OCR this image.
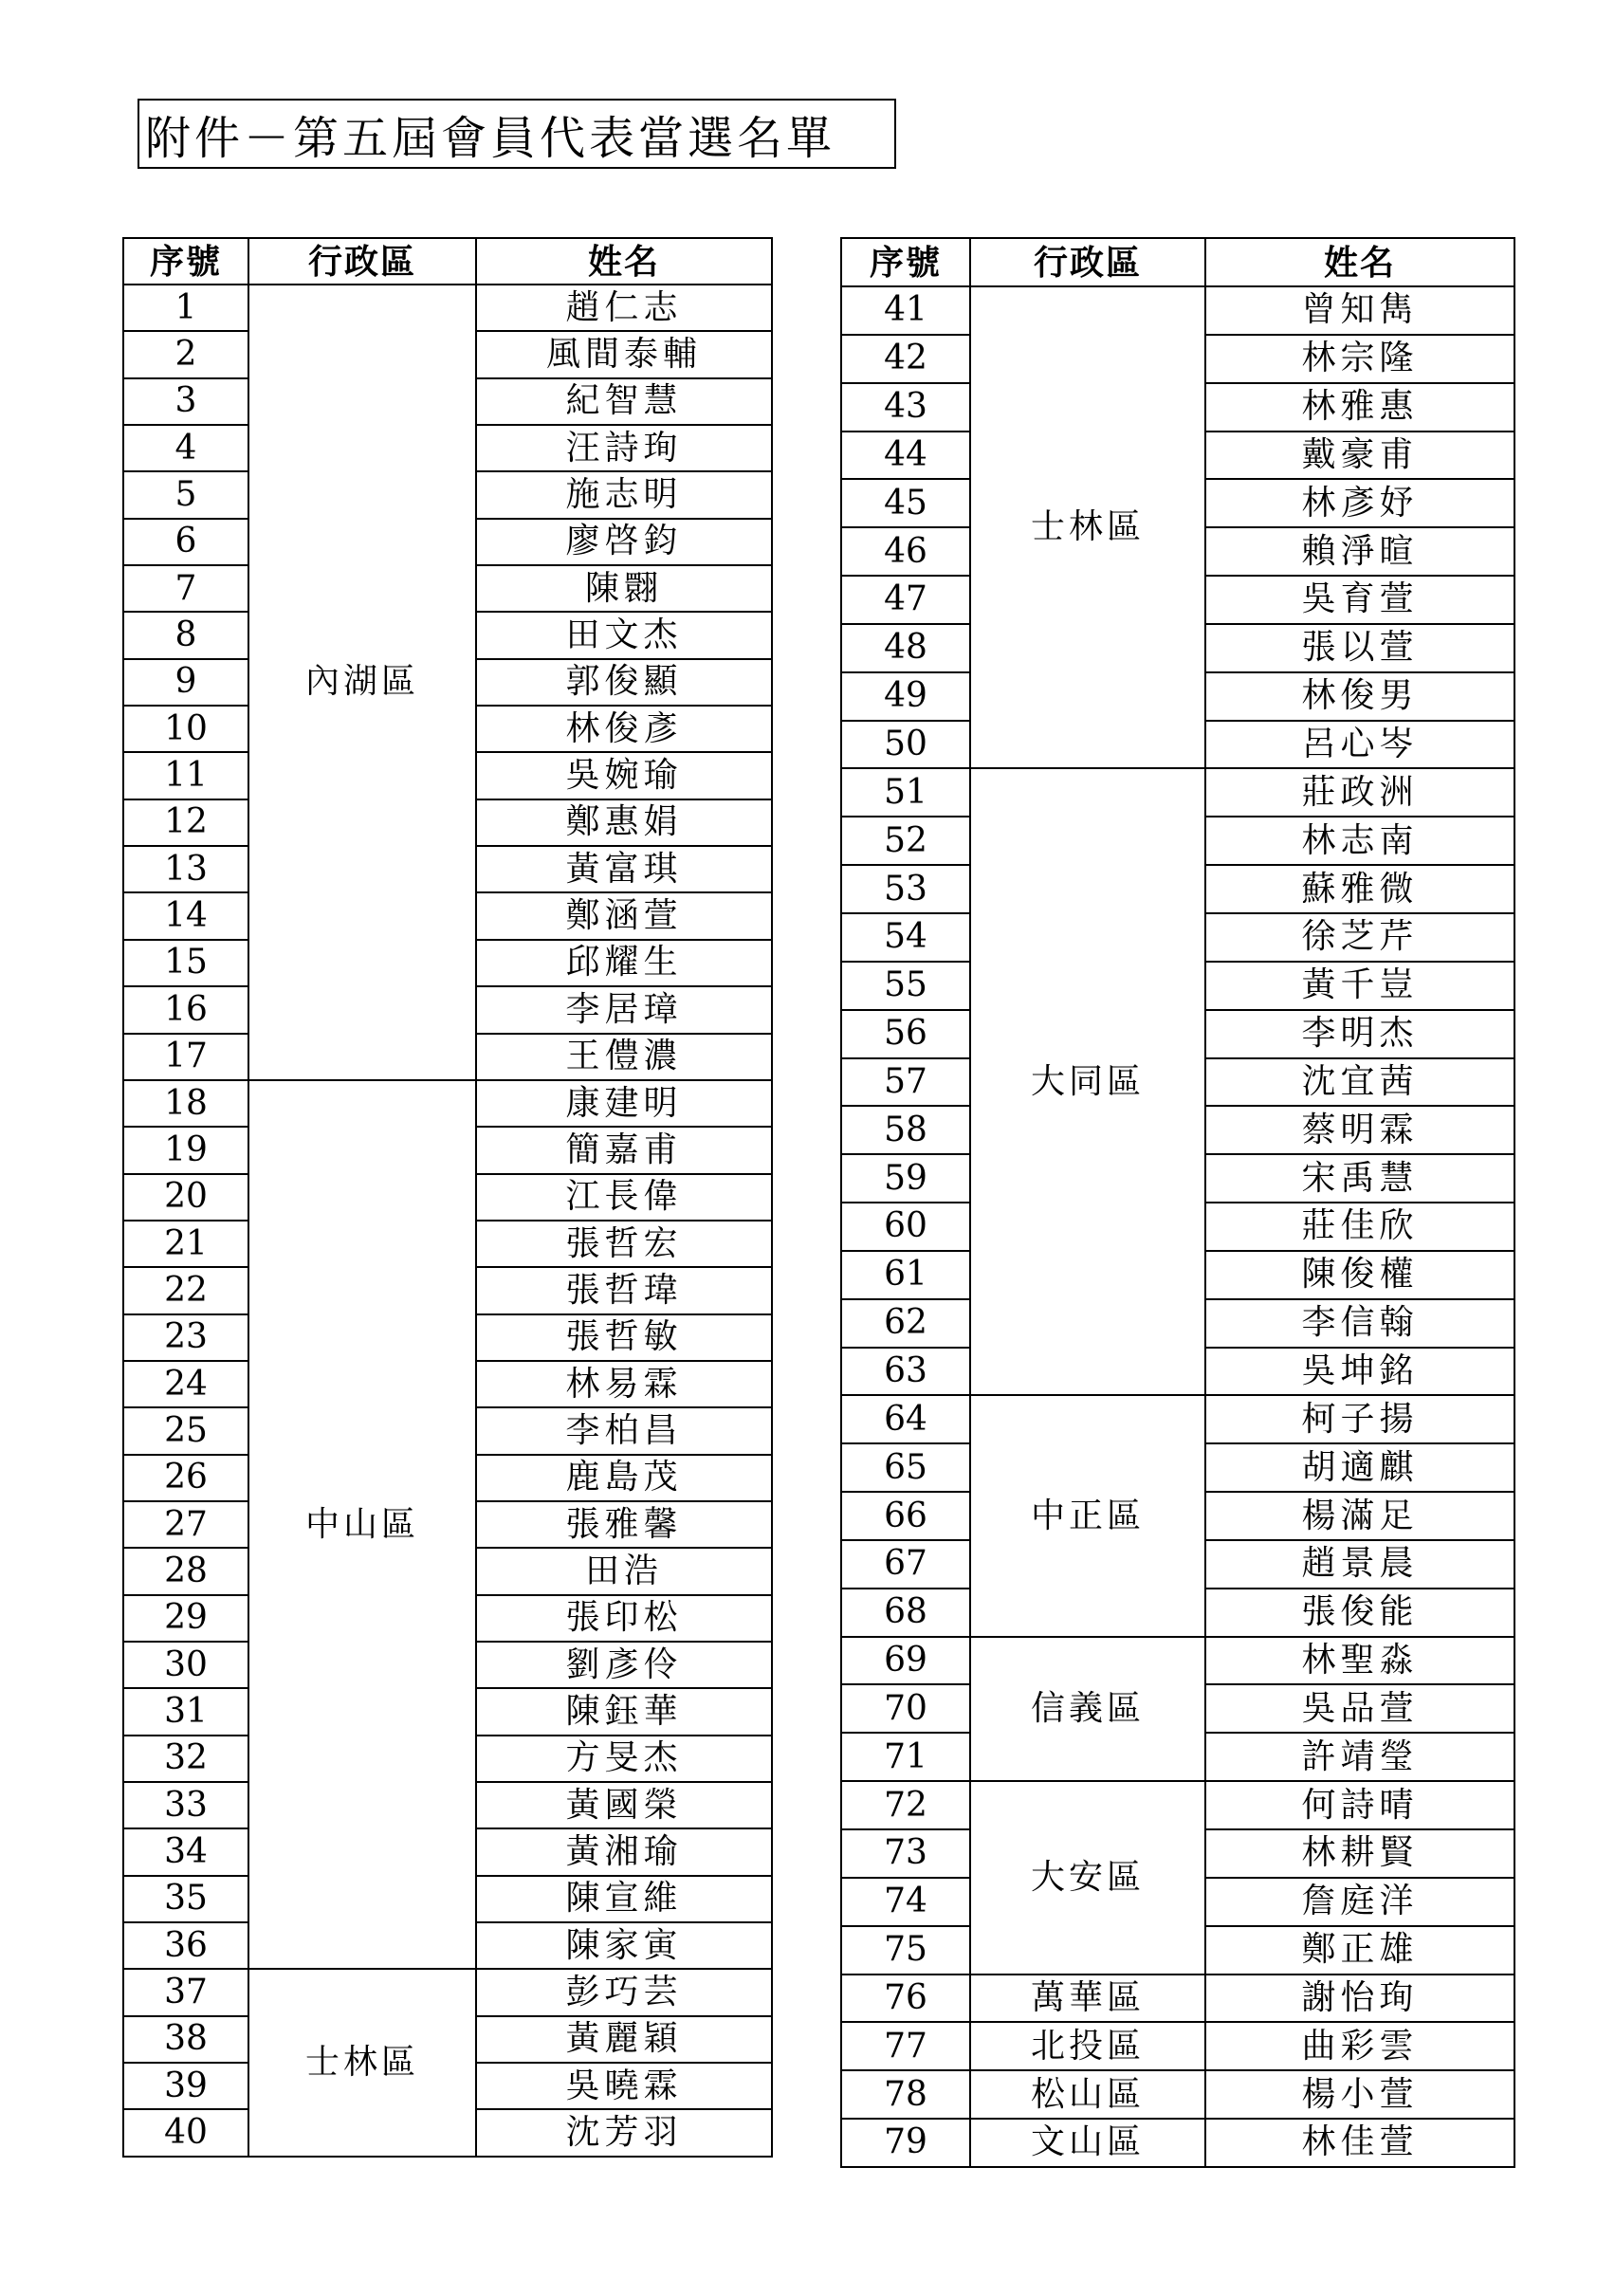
附件－第五屆會員代表當選名單
序號	行政區	姓名
1	內湖區	趙仁志
2		風間泰輔
3		紀智慧
4		汪詩珣
5		施志明
6		廖啓鈞
7		陳翾
8		田文杰
9		郭俊顯
10		林俊彥
11		吳婉瑜
12		鄭惠娟
13		黃富琪
14		鄭涵萱
15		邱耀生
16		李居璋
17		王僼濃
18	中山區	康建明
19		簡嘉甫
20		江長偉
21		張哲宏
22		張哲瑋
23		張哲敏
24		林易霖
25		李柏昌
26		鹿島茂
27		張雅馨
28		田浩
29		張印松
30		劉彥伶
31		陳鈺華
32		方旻杰
33		黃國榮
34		黃湘瑜
35		陳宣維
36		陳家寅
37	士林區	彭巧芸
38		黃麗穎
39		吳曉霖
40		沈芳羽
序號	行政區	姓名
41	士林區	曾知雋
42		林宗隆
43		林雅惠
44		戴豪甫
45		林彥妤
46		賴淨暄
47		吳育萱
48		張以萱
49		林俊男
50		呂心岑
51	大同區	莊政洲
52		林志南
53		蘇雅微
54		徐芝芹
55		黃千豈
56		李明杰
57		沈宜茜
58		蔡明霖
59		宋禹慧
60		莊佳欣
61		陳俊權
62		李信翰
63		吳坤銘
64	中正區	柯子揚
65		胡適麒
66		楊滿足
67		趙景晨
68		張俊能
69	信義區	林聖淼
70		吳品萱
71		許靖瑩
72	大安區	何詩晴
73		林耕賢
74		詹庭洋
75		鄭正雄
76	萬華區	謝怡珣
77	北投區	曲彩雲
78	松山區	楊小萱
79	文山區	林佳萱
